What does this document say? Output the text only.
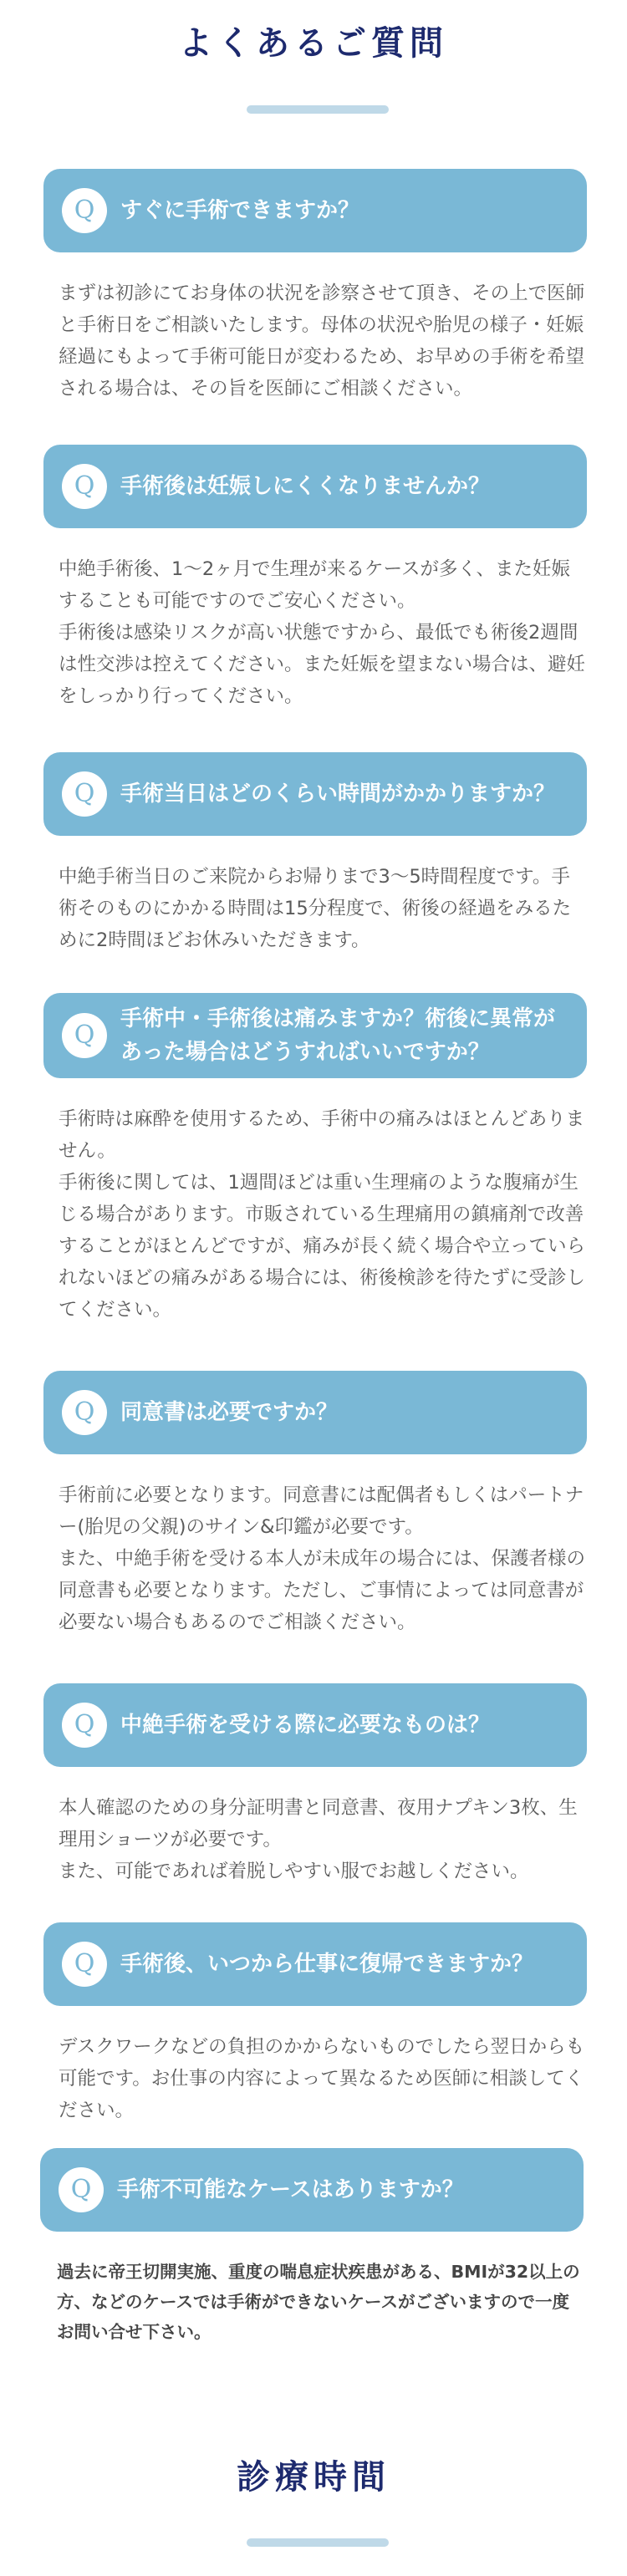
よくあるご質問
Q	すぐに手術できますか？

まずは初診にてお身体の状況を診察させて頂き、その上で医師と手術日をご相談いたします。母体の状況や胎児の様子・妊娠経過にもよって手術可能日が変わるため、お早めの手術を希望される場合は、その旨を医師にご相談ください。

Q	手術後は妊娠しにくくなりませんか？

中絶手術後、1～2ヶ月で生理が来るケースが多く、また妊娠することも可能ですのでご安心ください。

手術後は感染リスクが高い状態ですから、最低でも術後2週間は性交渉は控えてください。また妊娠を望まない場合は、避妊をしっかり行ってください。

Q	手術当日はどのくらい時間がかかりますか？

中絶手術当日のご来院からお帰りまで3〜5時間程度です。手術そのものにかかる時間は15分程度で、術後の経過をみるために2時間ほどお休みいただきます。

Q
手術中・手術後は痛みますか？術後に異常があった場合はどうすればいいですか？

手術時は麻酔を使用するため、手術中の痛みはほとんどありません。

手術後に関しては、1週間ほどは重い生理痛のような腹痛が生じる場合があります。市販されている生理痛用の鎮痛剤で改善することがほとんどですが、痛みが長く続く場合や立っていられないほどの痛みがある場合には、術後検診を待たずに受診してください。

Q	同意書は必要ですか？

手術前に必要となります。同意書には配偶者もしくはパートナー(胎児の父親)のサイン&印鑑が必要です。

また、中絶手術を受ける本人が未成年の場合には、保護者様の同意書も必要となります。ただし、ご事情によっては同意書が必要ない場合もあるのでご相談ください。

Q	中絶手術を受ける際に必要なものは？

本人確認のための身分証明書と同意書、夜用ナプキン3枚、生理用ショーツが必要です。

また、可能であれば着脱しやすい服でお越しください。

Q	手術後、いつから仕事に復帰できますか？

デスクワークなどの負担のかからないものでしたら翌日からも可能です。お仕事の内容によって異なるため医師に相談してください。

Q	手術不可能なケースはありますか？

過去に帝王切開実施、重度の喘息症状疾患がある、BMIが32以上の方、などのケースでは手術ができないケースがございますので一度お問い合せ下さい。

診療時間
